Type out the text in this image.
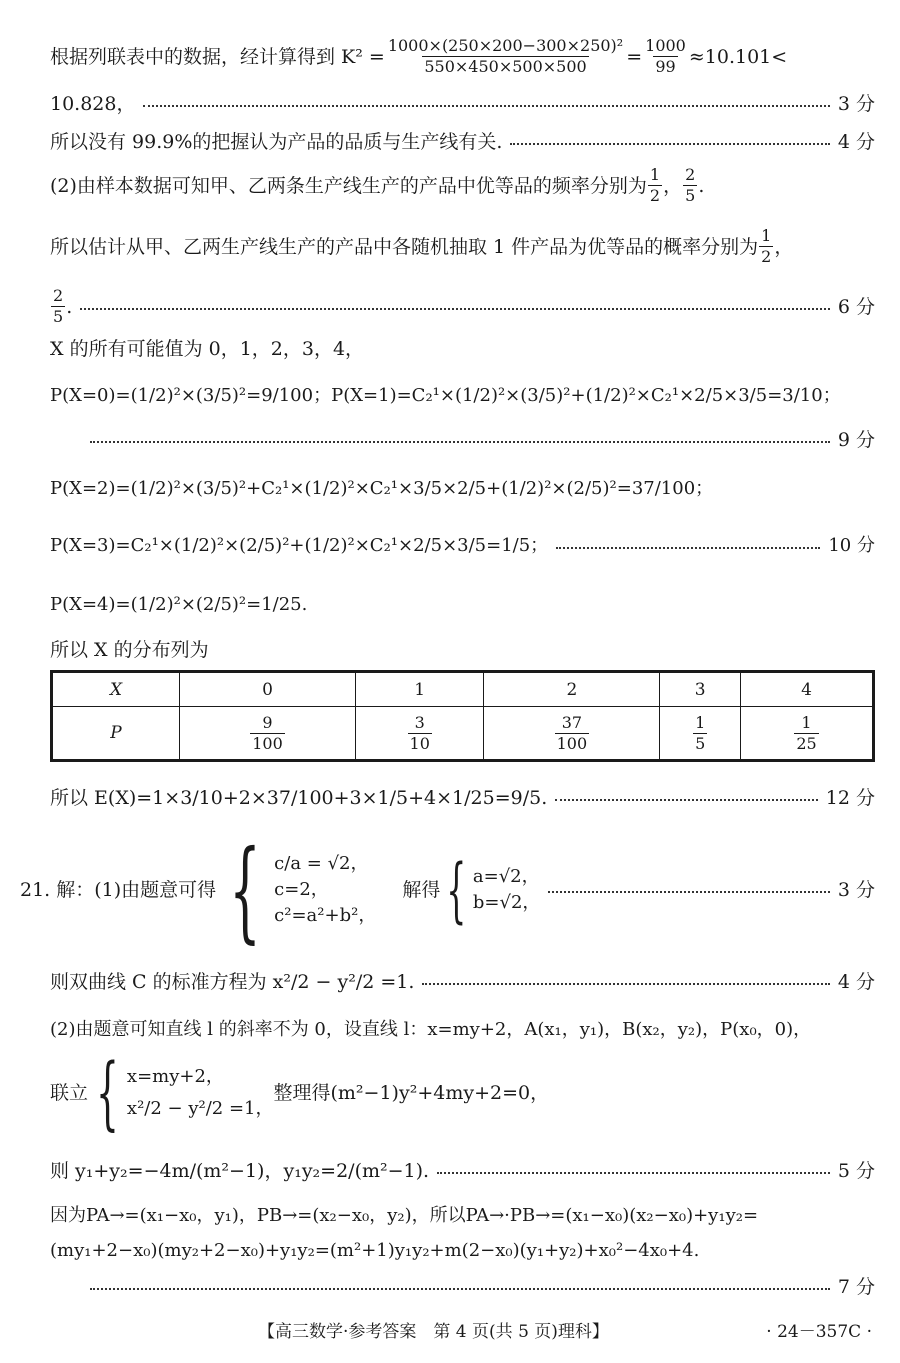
根据列联表中的数据，经计算得到 $K^2 = \frac{\text{1000×(250×200−300×250)²}}{550\times 450\times 500\times 500} = \frac{1000}{99} \approx 10.101<$
10.828，	3 分
所以没有 99.9%的把握认为产品的品质与生产线有关.	4 分
(2)由样本数据可知甲、乙两条生产线生产的产品中优等品的频率分别为 $\frac{1}{2}$ ， $\frac{2}{5}$ .
所以估计从甲、乙两生产线生产的产品中各随机抽取 1 件产品为优等品的概率分别为 $\frac{1}{2}$ ，
$\frac{2}{5}$ .	6 分
X 的所有可能值为 0，1，2，3，4，
P(X=0)=(1/2)²×(3/5)²=9/100；P(X=1)=C₂¹×(1/2)²×(3/5)²+(1/2)²×C₂¹×2/5×3/5=3/10；
9 分
P(X=2)=(1/2)²×(3/5)²+C₂¹×(1/2)²×C₂¹×3/5×2/5+(1/2)²×(2/5)²=37/100；
P(X=3)=C₂¹×(1/2)²×(2/5)²+(1/2)²×C₂¹×2/5×3/5=1/5；	10 分
P(X=4)=(1/2)²×(2/5)²=1/25.
所以 X 的分布列为
X	0	1	2	3	4
P	$\frac{9}{100}$	$\frac{3}{10}$	$\frac{37}{100}$	$\frac{1}{5}$	$\frac{1}{25}$
所以 E(X)=1×3/10+2×37/100+3×1/5+4×1/25=9/5.	12 分
21. 解：(1)由题意可得 { c/a = √2，
c=2，
c²=a²+b²，
解得 { a=√2，
b=√2，
3 分
则双曲线 C 的标准方程为 x²/2 − y²/2 =1.	4 分
(2)由题意可知直线 l 的斜率不为 0，设直线 l：x=my+2，A(x₁，y₁)，B(x₂，y₂)，P(x₀，0)，
联立 { x=my+2，
x²/2 − y²/2 =1，
整理得(m²−1)y²+4my+2=0，
则 y₁+y₂=−4m/(m²−1)，y₁y₂=2/(m²−1).	5 分
因为PA→=(x₁−x₀，y₁)，PB→=(x₂−x₀，y₂)，所以PA→·PB→=(x₁−x₀)(x₂−x₀)+y₁y₂=
(my₁+2−x₀)(my₂+2−x₀)+y₁y₂=(m²+1)y₁y₂+m(2−x₀)(y₁+y₂)+x₀²−4x₀+4.
7 分
【高三数学·参考答案　第 4 页(共 5 页)理科】	· 24－357C ·
